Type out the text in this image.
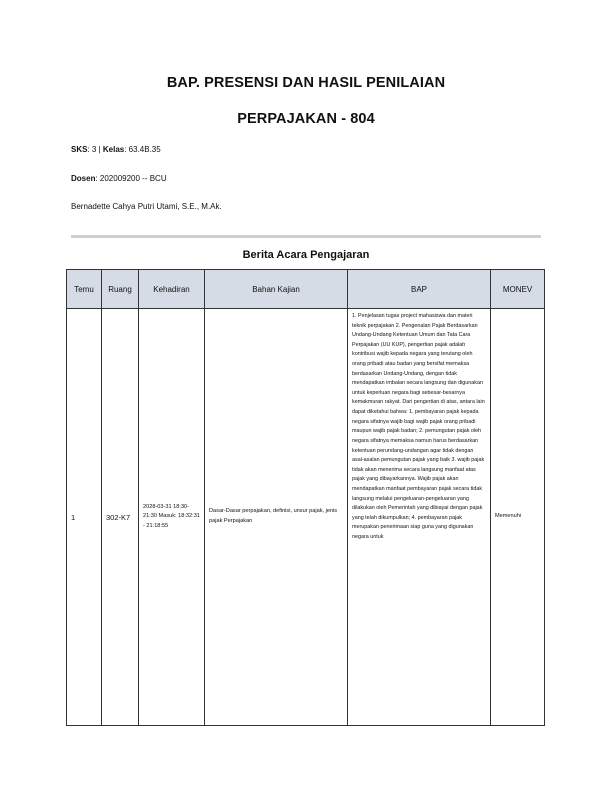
BAP. PRESENSI DAN HASIL PENILAIAN
PERPAJAKAN - 804
SKS: 3 | Kelas: 63.4B.35
Dosen: 202009200 -- BCU
Bernadette Cahya Putri Utami, S.E., M.Ak.
Berita Acara Pengajaran
Temu	Ruang	Kehadiran	Bahan Kajian	BAP	MONEV
1	302-K7	2028-03-31 18:30-21:30 Masuk: 18:32:31 - 21:18:55	Dasar-Dasar perpajakan, definisi, unsur pajak, jenis pajak Perpajakan	1. Penjelasan tugas project mahasiswa dan materi teknik perpajakan 2. Pengenalan Pajak Berdasarkan Undang-Undang Ketentuan Umum dan Tata Cara Perpajakan (UU KUP), pengertian pajak adalah kontribusi wajib kepada negara yang terutang oleh orang pribadi atau badan yang bersifat memaksa berdasarkan Undang-Undang, dengan tidak mendapatkan imbalan secara langsung dan digunakan untuk keperluan negara bagi sebesar-besarnya kemakmuran rakyat. Dari pengertian di atas, antara lain dapat diketahui bahwa: 1. pembayaran pajak kepada negara sifatnya wajib bagi wajib pajak orang pribadi maupun wajib pajak badan; 2. pemungutan pajak oleh negara sifatnya memaksa namun harus berdasarkan ketentuan perundang-undangan agar tidak dengan asal-asalan pemungutan pajak yang baik 3. wajib pajak tidak akan menerima secara langsung manfaat atas pajak yang dibayarkannya. Wajib pajak akan mendapatkan manfaat pembayaran pajak secara tidak langsung melalui pengeluaran-pengeluaran yang dilakukan oleh Pemerintah yang dibiayai dengan pajak yang telah dikumpulkan; 4. pembayaran pajak merupakan penerimaan siap guna yang digunakan negara untuk	Memenuhi
